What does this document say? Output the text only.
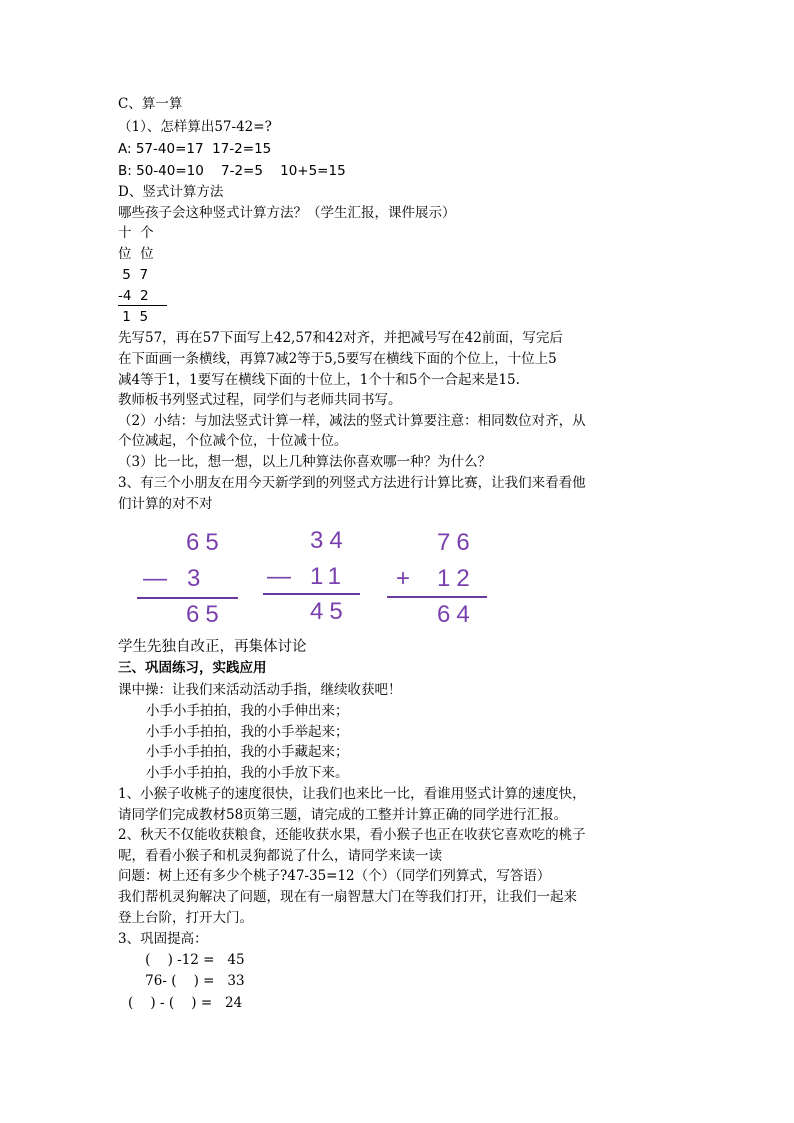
C、算一算
（1）、怎样算出57-42=?
A: 57-40=17  17-2=15
B: 50-40=10    7-2=5    10+5=15
D、竖式计算方法
哪些孩子会这种竖式计算方法？（学生汇报，课件展示）
十  个
位  位
5  7
-4  2
1  5
先写57，再在57下面写上42,57和42对齐，并把减号写在42前面，写完后
在下面画一条横线，再算7减2等于5,5要写在横线下面的个位上，十位上5
减4等于1，1要写在横线下面的十位上，1个十和5个一合起来是15.
教师板书列竖式过程，同学们与老师共同书写。
（2）小结：与加法竖式计算一样，减法的竖式计算要注意：相同数位对齐，从
个位减起，个位减个位，十位减十位。
（3）比一比，想一想，以上几种算法你喜欢哪一种？为什么？
3、有三个小朋友在用今天新学到的列竖式方法进行计算比赛，让我们来看看他
们计算的对不对
65
— 3
65
34
— 11
45
76
+ 12
64
学生先独自改正，再集体讨论
三、巩固练习，实践应用
课中操：让我们来活动活动手指，继续收获吧！
小手小手拍拍，我的小手伸出来；
小手小手拍拍，我的小手举起来；
小手小手拍拍，我的小手藏起来；
小手小手拍拍，我的小手放下来。
1、小猴子收桃子的速度很快，让我们也来比一比，看谁用竖式计算的速度快，
请同学们完成教材58页第三题，请完成的工整并计算正确的同学进行汇报。
2、秋天不仅能收获粮食，还能收获水果，看小猴子也正在收获它喜欢吃的桃子
呢，看看小猴子和机灵狗都说了什么，请同学来读一读
问题：树上还有多少个桃子?47-35=12（个）（同学们列算式，写答语）
我们帮机灵狗解决了问题，现在有一扇智慧大门在等我们打开，让我们一起来
登上台阶，打开大门。
3、巩固提高：
(    ) -12 =   45
76- (    ) =   33
(    ) - (    ) =   24
